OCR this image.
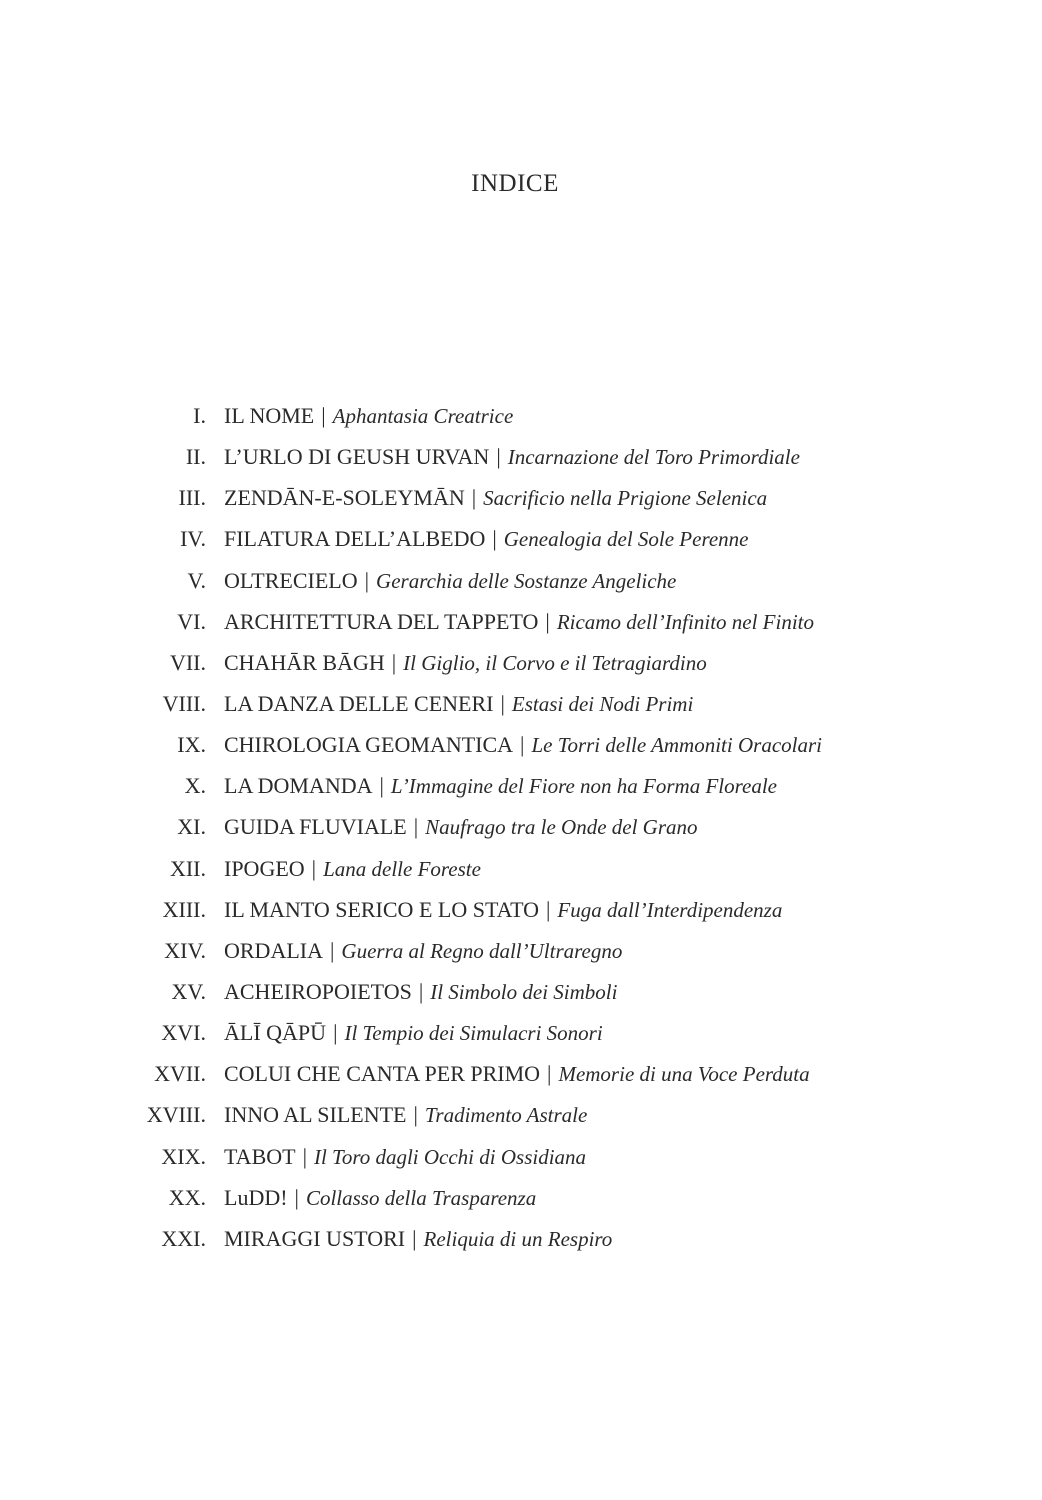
INDICE
I. IL NOME | Aphantasia Creatrice
II. L’URLO DI GEUSH URVAN | Incarnazione del Toro Primordiale
III. ZENDĀN-E-SOLEYMĀN | Sacrificio nella Prigione Selenica
IV. FILATURA DELL’ALBEDO | Genealogia del Sole Perenne
V. OLTRECIELO | Gerarchia delle Sostanze Angeliche
VI. ARCHITETTURA DEL TAPPETO | Ricamo dell’Infinito nel Finito
VII. CHAHĀR BĀGH | Il Giglio, il Corvo e il Tetragiardino
VIII. LA DANZA DELLE CENERI | Estasi dei Nodi Primi
IX. CHIROLOGIA GEOMANTICA | Le Torri delle Ammoniti Oracolari
X. LA DOMANDA | L’Immagine del Fiore non ha Forma Floreale
XI. GUIDA FLUVIALE | Naufrago tra le Onde del Grano
XII. IPOGEO | Lana delle Foreste
XIII. IL MANTO SERICO E LO STATO | Fuga dall’Interdipendenza
XIV. ORDALIA | Guerra al Regno dall’Ultraregno
XV. ACHEIROPOIETOS | Il Simbolo dei Simboli
XVI. ĀLĪ QĀPŪ | Il Tempio dei Simulacri Sonori
XVII. COLUI CHE CANTA PER PRIMO | Memorie di una Voce Perduta
XVIII. INNO AL SILENTE | Tradimento Astrale
XIX. TABOT | Il Toro dagli Occhi di Ossidiana
XX. LuDD! | Collasso della Trasparenza
XXI. MIRAGGI USTORI | Reliquia di un Respiro
